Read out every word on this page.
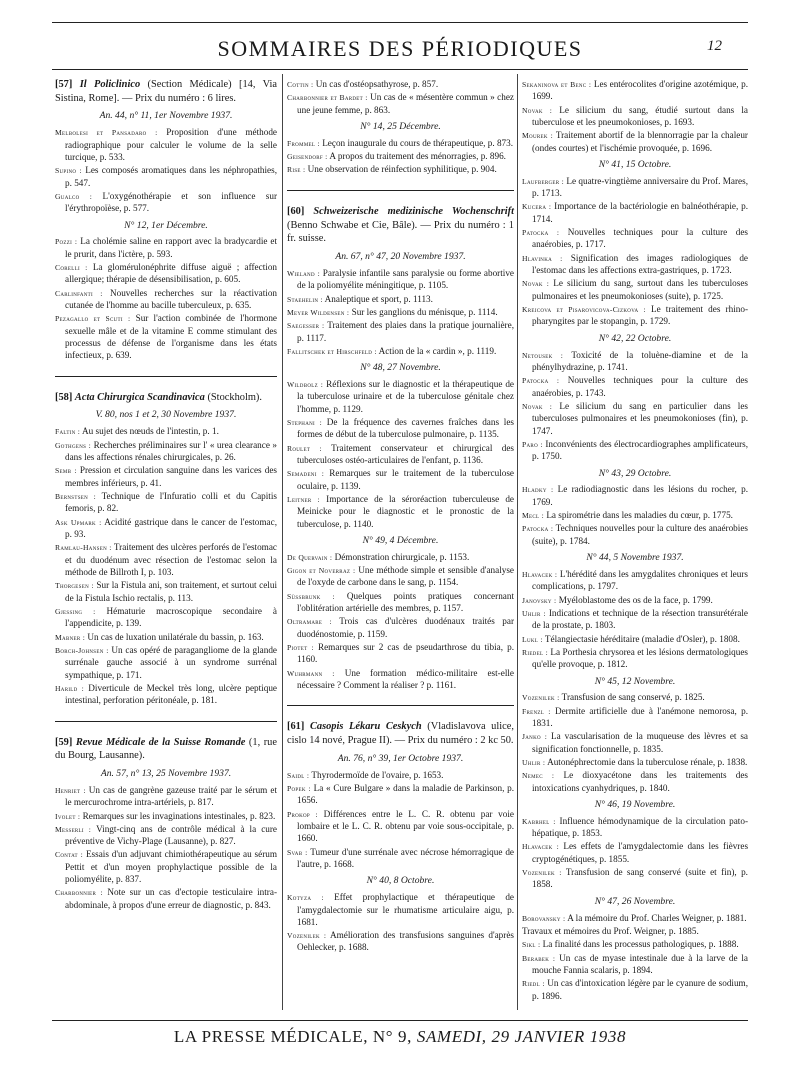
SOMMAIRES DES PÉRIODIQUES	12
[57] Il Policlinico (Section Médicale) [14, Via Sistina, Rome]. — Prix du numéro : 6 lires.
An. 44, n° 11, 1er Novembre 1937.
Melbolesi et Pansadaro : Proposition d'une méthode radiographique pour calculer le volume de la selle turcique, p. 533.
Supino : Les composés aromatiques dans les néphropathies, p. 547.
Gualco : L'oxygénothérapie et son influence sur l'érythropoïèse, p. 577.
N° 12, 1er Décembre.
Pozzi : La cholémie saline en rapport avec la bradycardie et le prurit, dans l'ictère, p. 593.
Corelli : La glomérulonéphrite diffuse aiguë ; affection allergique; thérapie de désensibilisation, p. 605.
Carlinfanti : Nouvelles recherches sur la réactivation cutanée de l'homme au bacille tuberculeux, p. 635.
Pezagallo et Scuti : Sur l'action combinée de l'hormone sexuelle mâle et de la vitamine E comme stimulant des processus de défense de l'organisme dans les états infectieux, p. 639.
[58] Acta Chirurgica Scandinavica (Stockholm).
V. 80, nos 1 et 2, 30 Novembre 1937.
Faltin : Au sujet des nœuds de l'intestin, p. 1.
Gothgens : Recherches préliminaires sur l' « urea clearance » dans les affections rénales chirurgicales, p. 26.
Semb : Pression et circulation sanguine dans les varices des membres inférieurs, p. 41.
Bernstsen : Technique de l'Infuratio colli et du Capitis femoris, p. 82.
Ask Upmark : Acidité gastrique dans le cancer de l'estomac, p. 93.
Ramlau-Hansen : Traitement des ulcères perforés de l'estomac et du duodénum avec résection de l'estomac selon la méthode de Billroth I, p. 103.
Thorgesen : Sur la Fistula ani, son traitement, et surtout celui de la Fistula Ischio rectalis, p. 113.
Gjessing : Hématurie macroscopique secondaire à l'appendicite, p. 139.
Mabner : Un cas de luxation unilatérale du bassin, p. 163.
Borch-Johnsen : Un cas opéré de paragangliome de la glande surrénale gauche associé à un syndrome surrénal sympathique, p. 171.
Harild : Diverticule de Meckel très long, ulcère peptique intestinal, perforation péritonéale, p. 181.
[59] Revue Médicale de la Suisse Romande (1, rue du Bourg, Lausanne).
An. 57, n° 13, 25 Novembre 1937.
Henriet : Un cas de gangrène gazeuse traité par le sérum et le mercurochrome intra-artériels, p. 817.
Ivolet : Remarques sur les invaginations intestinales, p. 823.
Messerli : Vingt-cinq ans de contrôle médical à la cure préventive de Vichy-Plage (Lausanne), p. 827.
Contat : Essais d'un adjuvant chimiothérapeutique au sérum Pettit et d'un moyen prophylactique possible de la poliomyélite, p. 837.
Charbonnier : Note sur un cas d'ectopie testiculaire intra-abdominale, à propos d'une erreur de diagnostic, p. 843.
Cottin : Un cas d'ostéopsathyrose, p. 857.
Charbonnier et Bardet : Un cas de « mésentère commun » chez une jeune femme, p. 863.
N° 14, 25 Décembre.
Frommel : Leçon inaugurale du cours de thérapeutique, p. 873.
Geisendorf : A propos du traitement des ménorragies, p. 896.
Rise : Une observation de réinfection syphilitique, p. 904.
[60] Schweizerische medizinische Wochenschrift (Benno Schwabe et Cie, Bâle). — Prix du numéro : 1 fr. suisse.
An. 67, n° 47, 20 Novembre 1937.
Wieland : Paralysie infantile sans paralysie ou forme abortive de la poliomyélite méningitique, p. 1105.
Staehelin : Analeptique et sport, p. 1113.
Meyer Wildensen : Sur les ganglions du ménisque, p. 1114.
Saegesser : Traitement des plaies dans la pratique journalière, p. 1117.
Fallitschek et Hirschfeld : Action de la « cardin », p. 1119.
N° 48, 27 Novembre.
Wildbolz : Réflexions sur le diagnostic et la thérapeutique de la tuberculose urinaire et de la tuberculose génitale chez l'homme, p. 1129.
Stephani : De la fréquence des cavernes fraîches dans les formes de début de la tuberculose pulmonaire, p. 1135.
Roulet : Traitement conservateur et chirurgical des tuberculoses ostéo-articulaires de l'enfant, p. 1136.
Semadeni : Remarques sur le traitement de la tuberculose oculaire, p. 1139.
Leitner : Importance de la séroréaction tuberculeuse de Meinicke pour le diagnostic et le pronostic de la tuberculose, p. 1140.
N° 49, 4 Décembre.
De Quervain : Démonstration chirurgicale, p. 1153.
Gigon et Noverraz : Une méthode simple et sensible d'analyse de l'oxyde de carbone dans le sang, p. 1154.
Süssbrunk : Quelques points pratiques concernant l'oblitération artérielle des membres, p. 1157.
Oltramare : Trois cas d'ulcères duodénaux traités par duodénostomie, p. 1159.
Piotet : Remarques sur 2 cas de pseudarthrose du tibia, p. 1160.
Wuhrmann : Une formation médico-militaire est-elle nécessaire ? Comment la réaliser ? p. 1161.
[61] Casopis Lékaru Ceskych (Vladislavova ulice, cislo 14 nové, Prague II). — Prix du numéro : 2 kc 50.
An. 76, n° 39, 1er Octobre 1937.
Saidl : Thyrodermoïde de l'ovaire, p. 1653.
Popek : La « Cure Bulgare » dans la maladie de Parkinson, p. 1656.
Prokop : Différences entre le L. C. R. obtenu par voie lombaire et le L. C. R. obtenu par voie sous-occipitale, p. 1660.
Svab : Tumeur d'une surrénale avec nécrose hémorragique de l'autre, p. 1668.
N° 40, 8 Octobre.
Kotyza : Effet prophylactique et thérapeutique de l'amygdalectomie sur le rhumatisme articulaire aigu, p. 1681.
Vozenilek : Amélioration des transfusions sanguines d'après Oehlecker, p. 1688.
Sekaninova et Benc : Les entérocolites d'origine azotémique, p. 1699.
Novak : Le silicium du sang, étudié surtout dans la tuberculose et les pneumokonioses, p. 1693.
Mourek : Traitement abortif de la blennorragie par la chaleur (ondes courtes) et l'ischémie provoquée, p. 1696.
N° 41, 15 Octobre.
Laufberger : Le quatre-vingtième anniversaire du Prof. Mares, p. 1713.
Kucera : Importance de la bactériologie en balnéothérapie, p. 1714.
Patocka : Nouvelles techniques pour la culture des anaérobies, p. 1717.
Hlavinka : Signification des images radiologiques de l'estomac dans les affections extra-gastriques, p. 1723.
Novak : Le silicium du sang, surtout dans les tuberculoses pulmonaires et les pneumokonioses (suite), p. 1725.
Kreicova et Pisarovicova-Cizkova : Le traitement des rhino-pharyngites par le stopangin, p. 1729.
N° 42, 22 Octobre.
Netousek : Toxicité de la toluène-diamine et de la phénylhydrazine, p. 1741.
Patocka : Nouvelles techniques pour la culture des anaérobies, p. 1743.
Novak : Le silicium du sang en particulier dans les tuberculoses pulmonaires et les pneumokonioses (fin), p. 1747.
Paro : Inconvénients des électrocardiographes amplificateurs, p. 1750.
N° 43, 29 Octobre.
Hladky : Le radiodiagnostic dans les lésions du rocher, p. 1769.
Mecl : La spirométrie dans les maladies du cœur, p. 1775.
Patocka : Techniques nouvelles pour la culture des anaérobies (suite), p. 1784.
N° 44, 5 Novembre 1937.
Hlavacek : L'hérédité dans les amygdalites chroniques et leurs complications, p. 1797.
Janovsky : Myéloblastome des os de la face, p. 1799.
Uhlir : Indications et technique de la résection transurétérale de la prostate, p. 1803.
Lukl : Télangiectasie héréditaire (maladie d'Osler), p. 1808.
Riedel : La Porthesia chrysorea et les lésions dermatologiques qu'elle provoque, p. 1812.
N° 45, 12 Novembre.
Vozenilek : Transfusion de sang conservé, p. 1825.
Frenzl : Dermite artificielle due à l'anémone nemorosa, p. 1831.
Janko : La vascularisation de la muqueuse des lèvres et sa signification fonctionnelle, p. 1835.
Uhlir : Autonéphrectomie dans la tuberculose rénale, p. 1838.
Nemec : Le dioxyacétone dans les traitements des intoxications cyanhydriques, p. 1840.
N° 46, 19 Novembre.
Kabrhel : Influence hémodynamique de la circulation pato-hépatique, p. 1853.
Hlavacek : Les effets de l'amygdalectomie dans les fièvres cryptogénétiques, p. 1855.
Vozenilek : Transfusion de sang conservé (suite et fin), p. 1858.
N° 47, 26 Novembre.
Borovansky : A la mémoire du Prof. Charles Weigner, p. 1881.
Travaux et mémoires du Prof. Weigner, p. 1885.
Sikl : La finalité dans les processus pathologiques, p. 1888.
Berabek : Un cas de myase intestinale due à la larve de la mouche Fannia scalaris, p. 1894.
Riedl : Un cas d'intoxication légère par le cyanure de sodium, p. 1896.
LA PRESSE MÉDICALE, N° 9, SAMEDI, 29 JANVIER 1938
